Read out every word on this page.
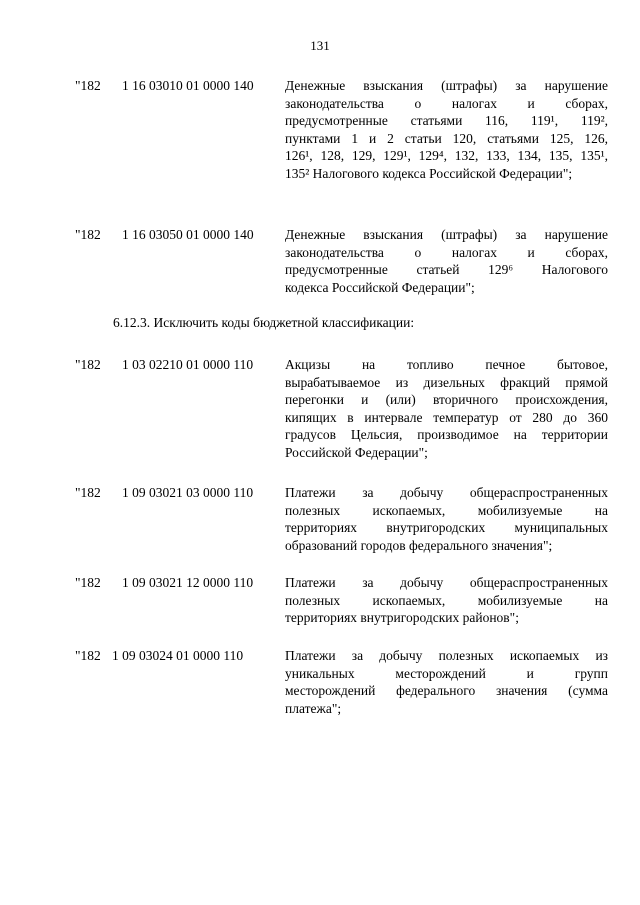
131
"182 1 16 03010 01 0000 140 Денежные взыскания (штрафы) за нарушение
законодательства о налогах и сборах,
предусмотренные статьями 116, 119¹, 119²,
пунктами 1 и 2 статьи 120, статьями 125, 126,
126¹, 128, 129, 129¹, 129⁴, 132, 133, 134, 135, 135¹,
135² Налогового кодекса Российской Федерации";
"182 1 16 03050 01 0000 140 Денежные взыскания (штрафы) за нарушение
законодательства о налогах и сборах,
предусмотренные статьей 129⁶ Налогового
кодекса Российской Федерации";
6.12.3. Исключить коды бюджетной классификации:
"182 1 03 02210 01 0000 110 Акцизы на топливо печное бытовое,
вырабатываемое из дизельных фракций прямой
перегонки и (или) вторичного происхождения,
кипящих в интервале температур от 280 до 360
градусов Цельсия, производимое на территории
Российской Федерации";
"182 1 09 03021 03 0000 110 Платежи за добычу общераспространенных
полезных ископаемых, мобилизуемые на
территориях внутригородских муниципальных
образований городов федерального значения";
"182 1 09 03021 12 0000 110 Платежи за добычу общераспространенных
полезных ископаемых, мобилизуемые на
территориях внутригородских районов";
"182 1 09 03024 01 0000 110	Платежи за добычу полезных ископаемых из
уникальных месторождений и групп
месторождений федерального значения (сумма
платежа";
